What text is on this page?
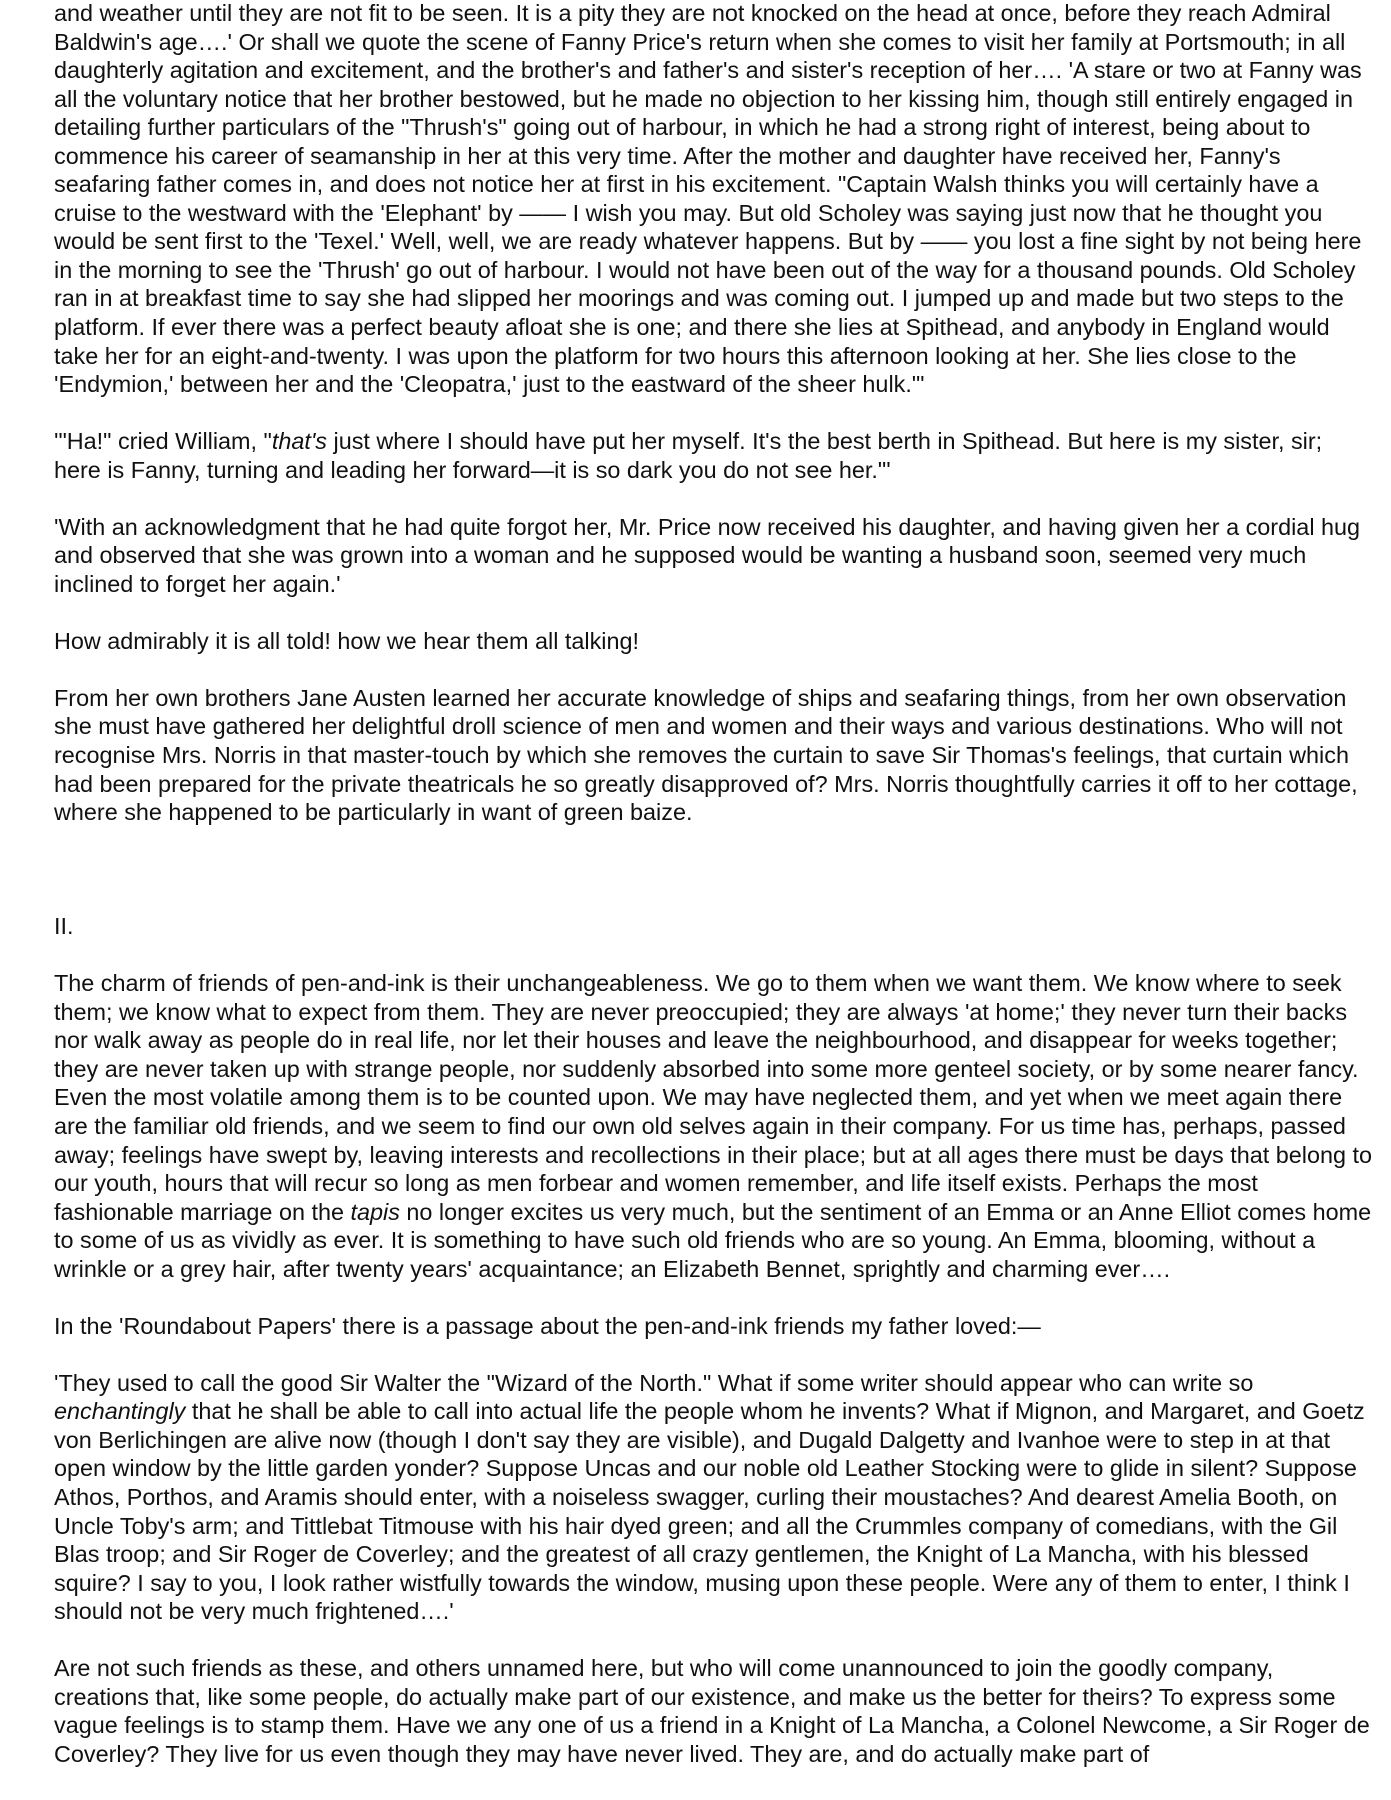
and weather until they are not fit to be seen. It is a pity they are not knocked on the head at once, before they reach Admiral Baldwin's age….' Or shall we quote the scene of Fanny Price's return when she comes to visit her family at Portsmouth; in all daughterly agitation and excitement, and the brother's and father's and sister's reception of her…. 'A stare or two at Fanny was all the voluntary notice that her brother bestowed, but he made no objection to her kissing him, though still entirely engaged in detailing further particulars of the "Thrush's" going out of harbour, in which he had a strong right of interest, being about to commence his career of seamanship in her at this very time. After the mother and daughter have received her, Fanny's seafaring father comes in, and does not notice her at first in his excitement. "Captain Walsh thinks you will certainly have a cruise to the westward with the 'Elephant' by —— I wish you may. But old Scholey was saying just now that he thought you would be sent first to the 'Texel.' Well, well, we are ready whatever happens. But by —— you lost a fine sight by not being here in the morning to see the 'Thrush' go out of harbour. I would not have been out of the way for a thousand pounds. Old Scholey ran in at breakfast time to say she had slipped her moorings and was coming out. I jumped up and made but two steps to the platform. If ever there was a perfect beauty afloat she is one; and there she lies at Spithead, and anybody in England would take her for an eight-and-twenty. I was upon the platform for two hours this afternoon looking at her. She lies close to the 'Endymion,' between her and the 'Cleopatra,' just to the eastward of the sheer hulk."'

'"Ha!" cried William, "that's just where I should have put her myself. It's the best berth in Spithead. But here is my sister, sir; here is Fanny, turning and leading her forward—it is so dark you do not see her."'

'With an acknowledgment that he had quite forgot her, Mr. Price now received his daughter, and having given her a cordial hug and observed that she was grown into a woman and he supposed would be wanting a husband soon, seemed very much inclined to forget her again.'

How admirably it is all told! how we hear them all talking!

From her own brothers Jane Austen learned her accurate knowledge of ships and seafaring things, from her own observation she must have gathered her delightful droll science of men and women and their ways and various destinations. Who will not recognise Mrs. Norris in that master-touch by which she removes the curtain to save Sir Thomas's feelings, that curtain which had been prepared for the private theatricals he so greatly disapproved of? Mrs. Norris thoughtfully carries it off to her cottage, where she happened to be particularly in want of green baize.

II.

The charm of friends of pen-and-ink is their unchangeableness. We go to them when we want them. We know where to seek them; we know what to expect from them. They are never preoccupied; they are always 'at home;' they never turn their backs nor walk away as people do in real life, nor let their houses and leave the neighbourhood, and disappear for weeks together; they are never taken up with strange people, nor suddenly absorbed into some more genteel society, or by some nearer fancy. Even the most volatile among them is to be counted upon. We may have neglected them, and yet when we meet again there are the familiar old friends, and we seem to find our own old selves again in their company. For us time has, perhaps, passed away; feelings have swept by, leaving interests and recollections in their place; but at all ages there must be days that belong to our youth, hours that will recur so long as men forbear and women remember, and life itself exists. Perhaps the most fashionable marriage on the tapis no longer excites us very much, but the sentiment of an Emma or an Anne Elliot comes home to some of us as vividly as ever. It is something to have such old friends who are so young. An Emma, blooming, without a wrinkle or a grey hair, after twenty years' acquaintance; an Elizabeth Bennet, sprightly and charming ever….

In the 'Roundabout Papers' there is a passage about the pen-and-ink friends my father loved:—

'They used to call the good Sir Walter the "Wizard of the North." What if some writer should appear who can write so enchantingly that he shall be able to call into actual life the people whom he invents? What if Mignon, and Margaret, and Goetz von Berlichingen are alive now (though I don't say they are visible), and Dugald Dalgetty and Ivanhoe were to step in at that open window by the little garden yonder? Suppose Uncas and our noble old Leather Stocking were to glide in silent? Suppose Athos, Porthos, and Aramis should enter, with a noiseless swagger, curling their moustaches? And dearest Amelia Booth, on Uncle Toby's arm; and Tittlebat Titmouse with his hair dyed green; and all the Crummles company of comedians, with the Gil Blas troop; and Sir Roger de Coverley; and the greatest of all crazy gentlemen, the Knight of La Mancha, with his blessed squire? I say to you, I look rather wistfully towards the window, musing upon these people. Were any of them to enter, I think I should not be very much frightened….'

Are not such friends as these, and others unnamed here, but who will come unannounced to join the goodly company, creations that, like some people, do actually make part of our existence, and make us the better for theirs? To express some vague feelings is to stamp them. Have we any one of us a friend in a Knight of La Mancha, a Colonel Newcome, a Sir Roger de Coverley? They live for us even though they may have never lived. They are, and do actually make part of
